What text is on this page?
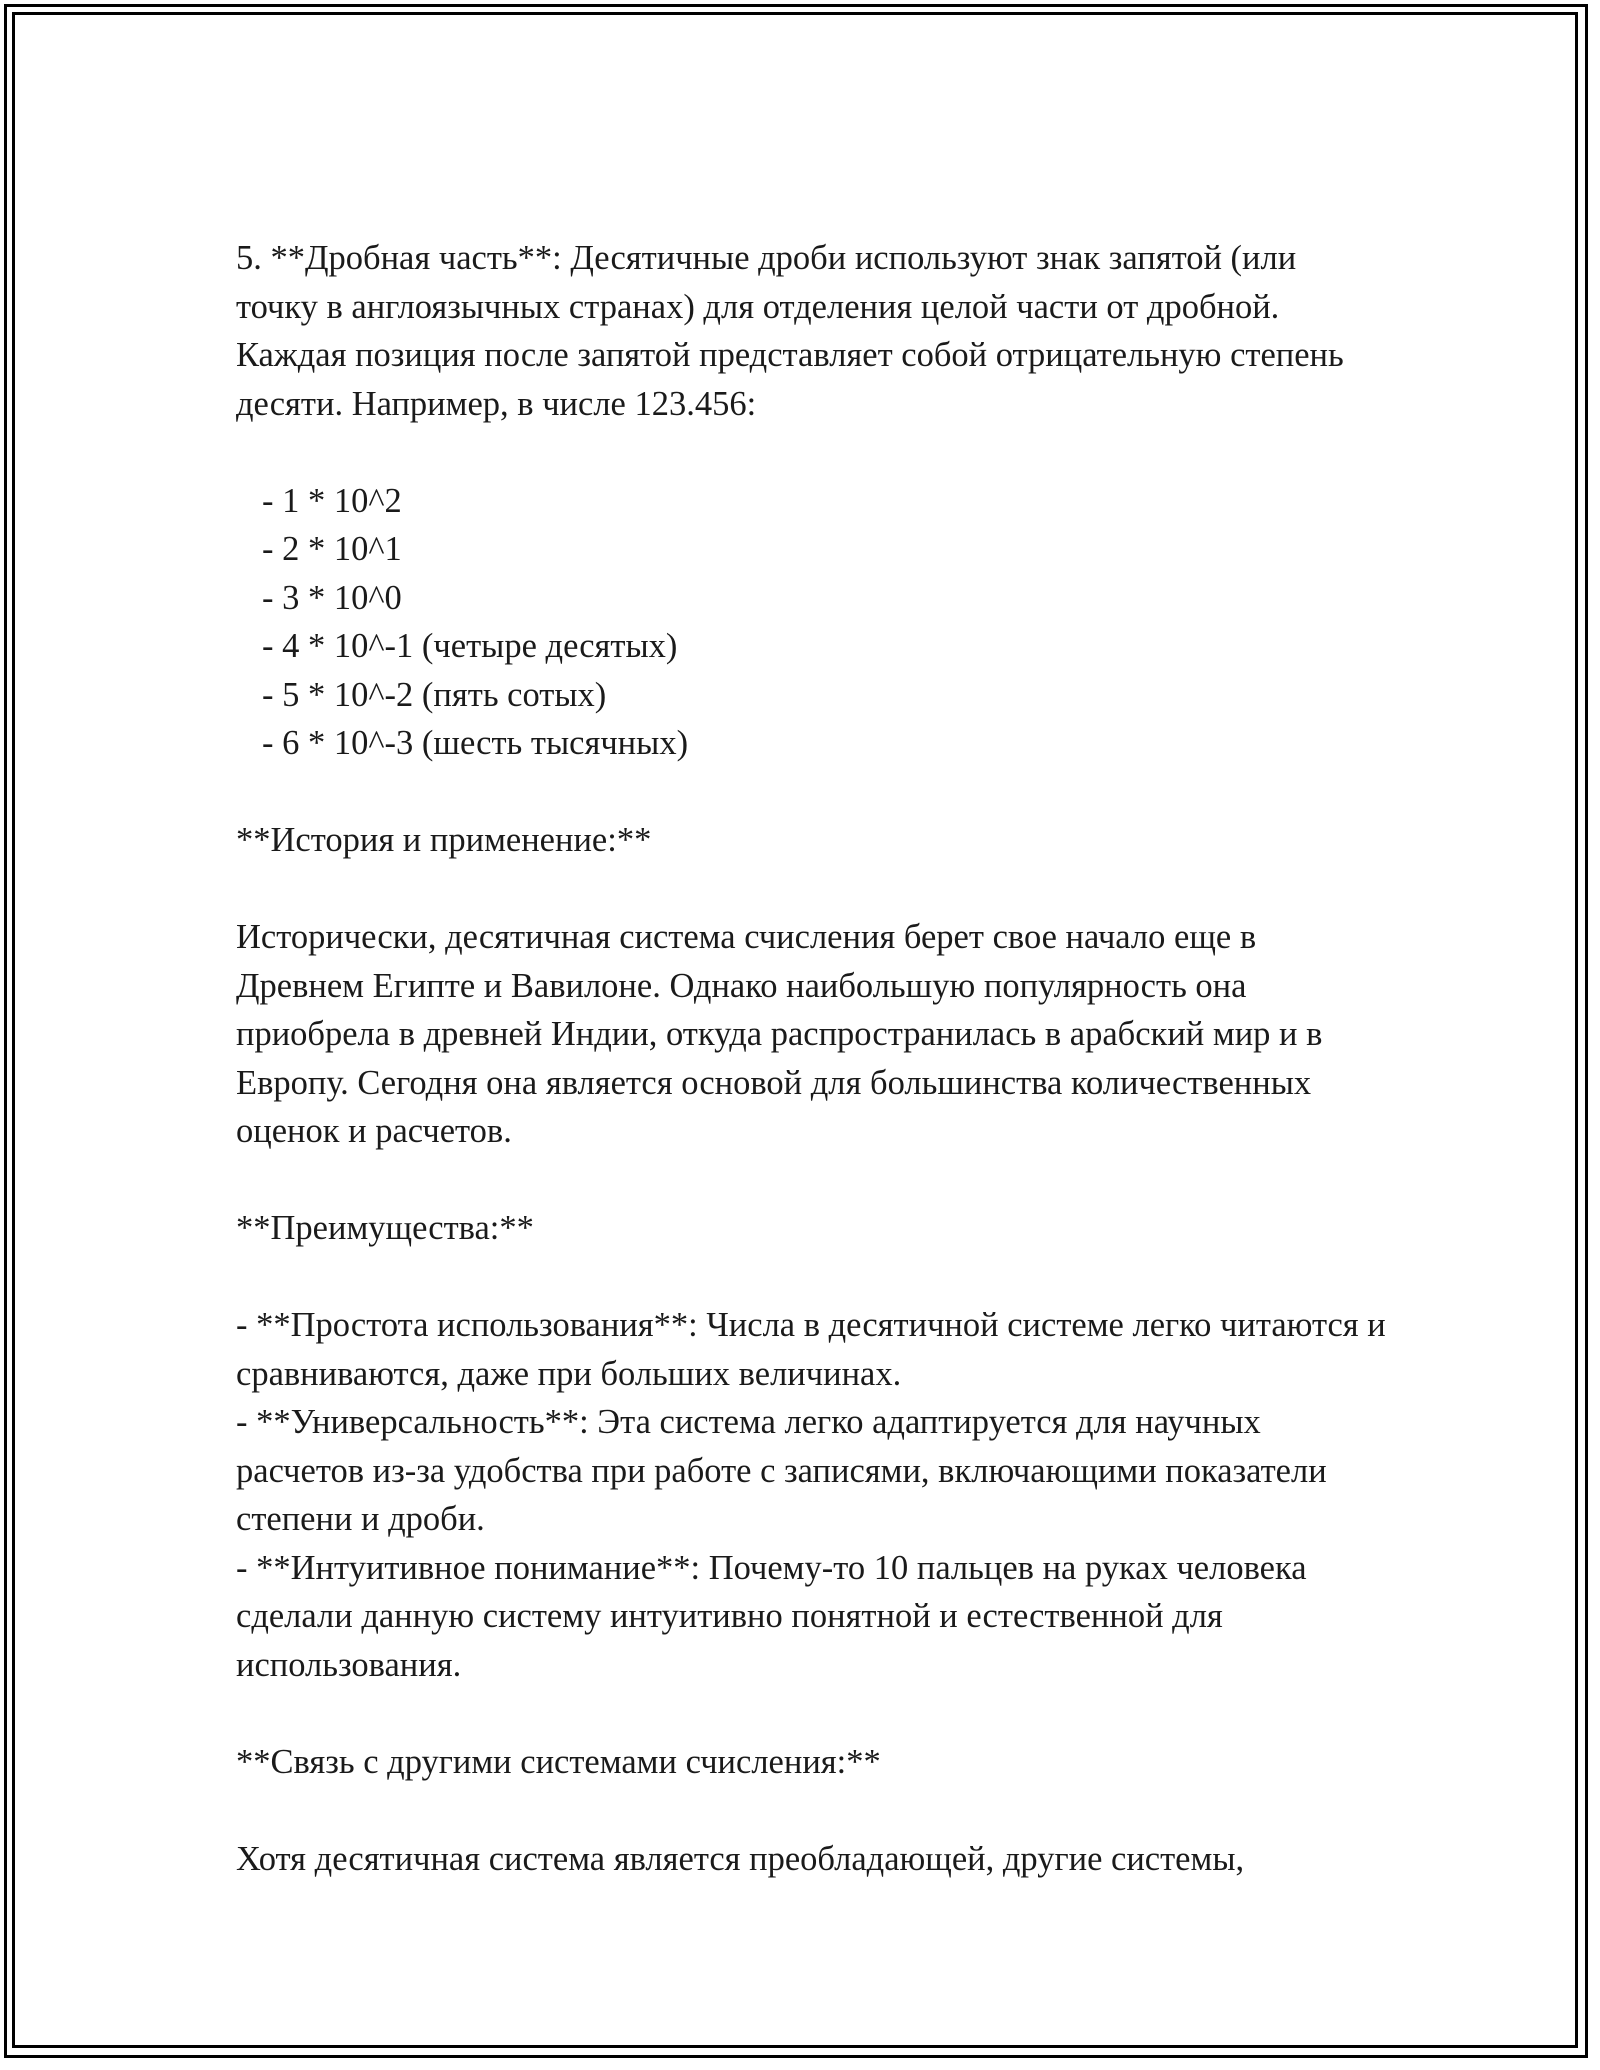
5. **Дробная часть**: Десятичные дроби используют знак запятой (или точку в англоязычных странах) для отделения целой части от дробной. Каждая позиция после запятой представляет собой отрицательную степень десяти. Например, в числе 123.456:

- 1 * 10^2

- 2 * 10^1

- 3 * 10^0

- 4 * 10^-1 (четыре десятых)

- 5 * 10^-2 (пять сотых)

- 6 * 10^-3 (шесть тысячных)

**История и применение:**

Исторически, десятичная система счисления берет свое начало еще в Древнем Египте и Вавилоне. Однако наибольшую популярность она приобрела в древней Индии, откуда распространилась в арабский мир и в Европу. Сегодня она является основой для большинства количественных оценок и расчетов.

**Преимущества:**

- **Простота использования**: Числа в десятичной системе легко читаются и сравниваются, даже при больших величинах.

- **Универсальность**: Эта система легко адаптируется для научных расчетов из-за удобства при работе с записями, включающими показатели степени и дроби.

- **Интуитивное понимание**: Почему-то 10 пальцев на руках человека сделали данную систему интуитивно понятной и естественной для использования.

**Связь с другими системами счисления:**

Хотя десятичная система является преобладающей, другие системы,
